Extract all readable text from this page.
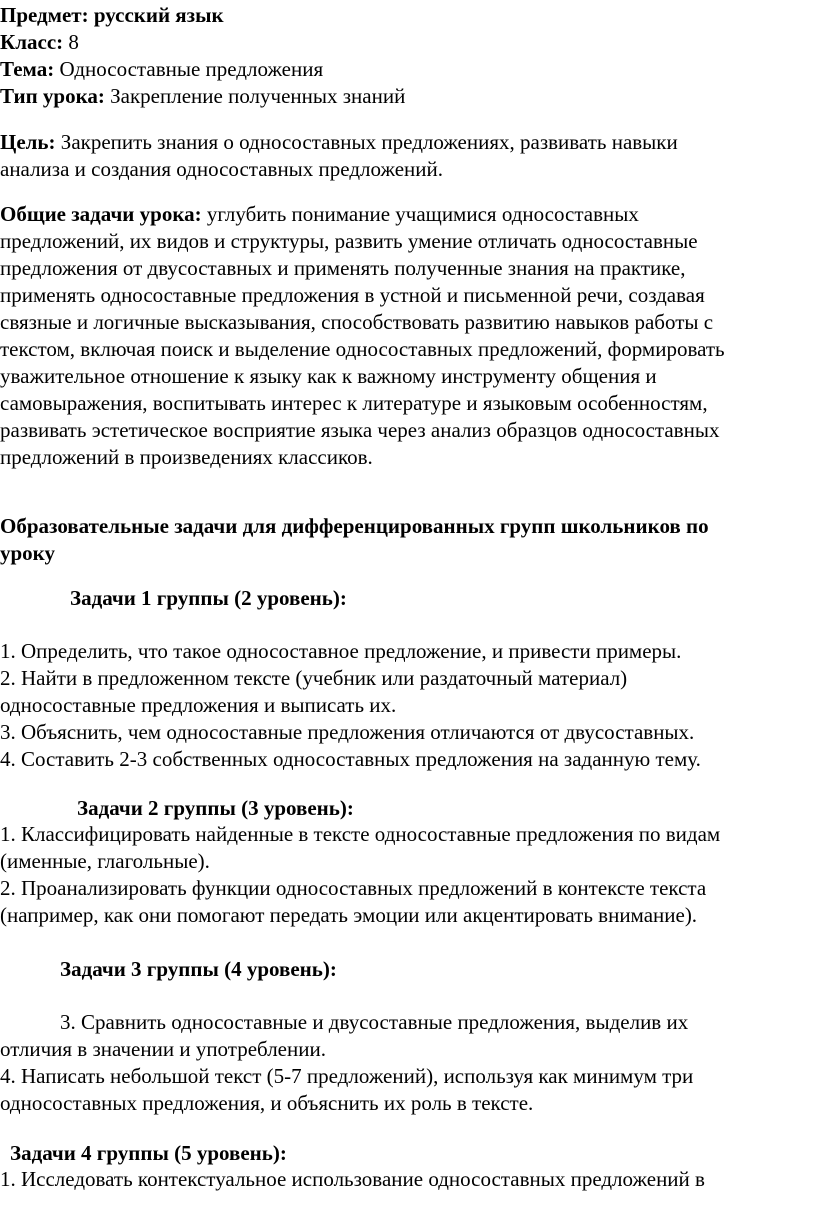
Предмет: русский язык
Класс: 8
Тема: Односоставные предложения
Тип урока: Закрепление полученных знаний
Цель: Закрепить знания о односоставных предложениях, развивать навыки
анализа и создания односоставных предложений.
Общие задачи урока: углубить понимание учащимися односоставных
предложений, их видов и структуры, развить умение отличать односоставные
предложения от двусоставных и применять полученные знания на практике,
применять односоставные предложения в устной и письменной речи, создавая
связные и логичные высказывания, способствовать развитию навыков работы с
текстом, включая поиск и выделение односоставных предложений, формировать
уважительное отношение к языку как к важному инструменту общения и
самовыражения, воспитывать интерес к литературе и языковым особенностям,
развивать эстетическое восприятие языка через анализ образцов односоставных
предложений в произведениях классиков.
Образовательные задачи для дифференцированных групп школьников по
уроку
Задачи 1 группы (2 уровень):
1. Определить, что такое односоставное предложение, и привести примеры.
2. Найти в предложенном тексте (учебник или раздаточный материал)
односоставные предложения и выписать их.
3. Объяснить, чем односоставные предложения отличаются от двусоставных.
4. Составить 2-3 собственных односоставных предложения на заданную тему.
Задачи 2 группы (3 уровень):
1. Классифицировать найденные в тексте односоставные предложения по видам
(именные, глагольные).
2. Проанализировать функции односоставных предложений в контексте текста
(например, как они помогают передать эмоции или акцентировать внимание).
Задачи 3 группы (4 уровень):
3. Сравнить односоставные и двусоставные предложения, выделив их
отличия в значении и употреблении.
4. Написать небольшой текст (5-7 предложений), используя как минимум три
односоставных предложения, и объяснить их роль в тексте.
Задачи 4 группы (5 уровень):
1. Исследовать контекстуальное использование односоставных предложений в
